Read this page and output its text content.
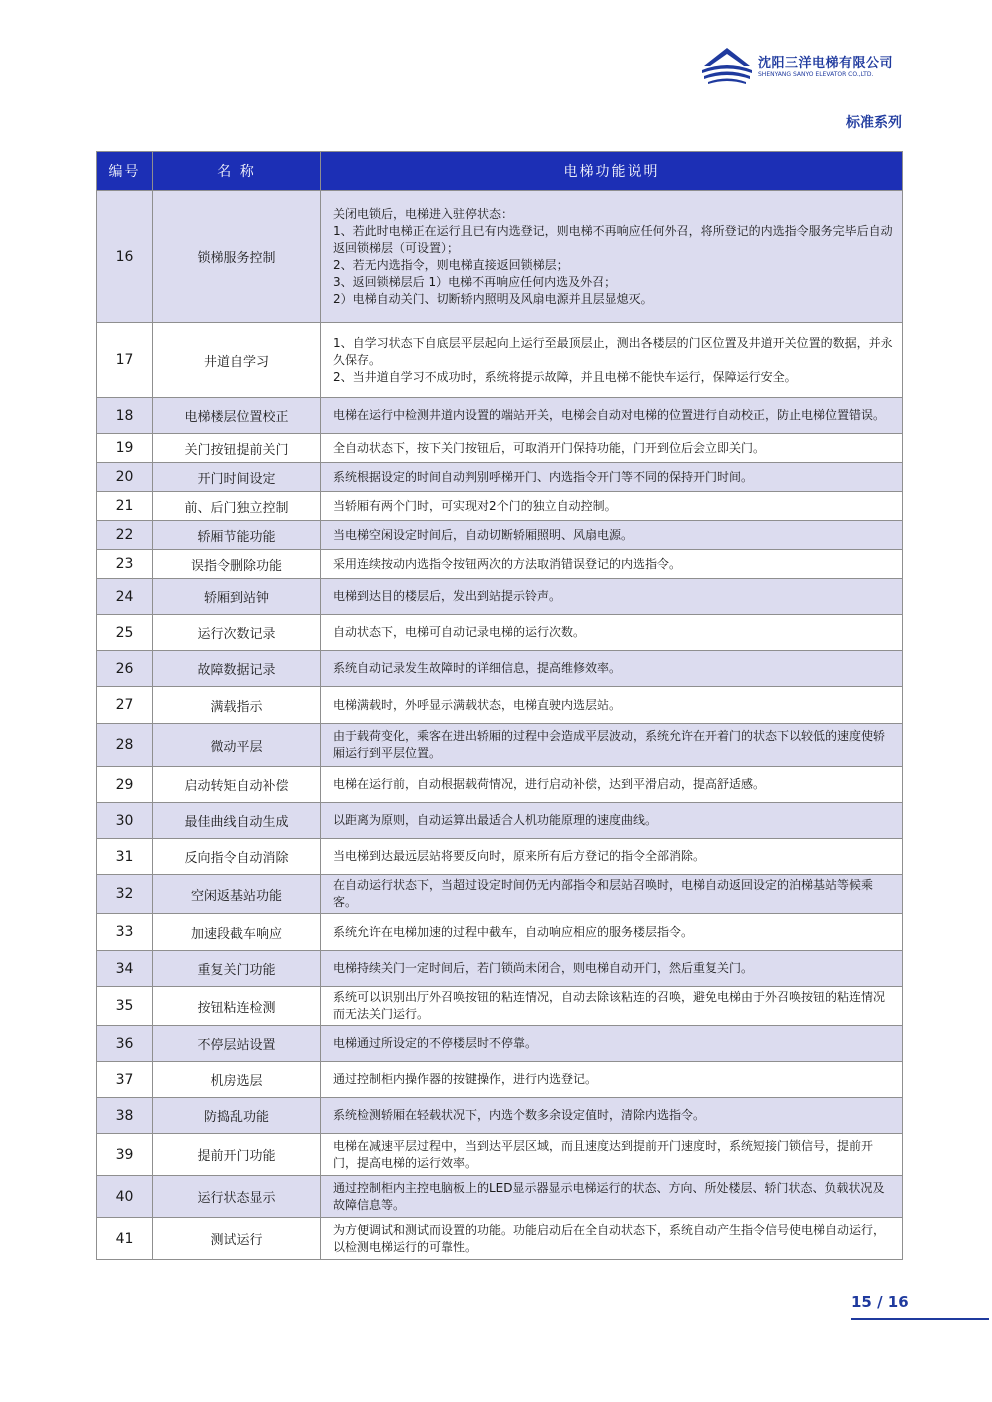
沈阳三洋电梯有限公司
SHENYANG SANYO ELEVATOR CO.,LTD.
标准系列
编号	名 称	电梯功能说明
16	锁梯服务控制	关闭电锁后，电梯进入驻停状态：
1、若此时电梯正在运行且已有内选登记，则电梯不再响应任何外召，将所登记的内选指令服务完毕后自动返回锁梯层（可设置）；
2、若无内选指令，则电梯直接返回锁梯层；
3、返回锁梯层后 1）电梯不再响应任何内选及外召；
2）电梯自动关门、切断轿内照明及风扇电源并且层显熄灭。
17	井道自学习	1、自学习状态下自底层平层起向上运行至最顶层止，测出各楼层的门区位置及井道开关位置的数据，并永久保存。
2、当井道自学习不成功时，系统将提示故障，并且电梯不能快车运行，保障运行安全。
18	电梯楼层位置校正	电梯在运行中检测井道内设置的端站开关，电梯会自动对电梯的位置进行自动校正，防止电梯位置错误。
19	关门按钮提前关门	全自动状态下，按下关门按钮后，可取消开门保持功能，门开到位后会立即关门。
20	开门时间设定	系统根据设定的时间自动判别呼梯开门、内选指令开门等不同的保持开门时间。
21	前、后门独立控制	当轿厢有两个门时，可实现对2个门的独立自动控制。
22	轿厢节能功能	当电梯空闲设定时间后，自动切断轿厢照明、风扇电源。
23	误指令删除功能	采用连续按动内选指令按钮两次的方法取消错误登记的内选指令。
24	轿厢到站钟	电梯到达目的楼层后，发出到站提示铃声。
25	运行次数记录	自动状态下，电梯可自动记录电梯的运行次数。
26	故障数据记录	系统自动记录发生故障时的详细信息，提高维修效率。
27	满载指示	电梯满载时，外呼显示满载状态，电梯直驶内选层站。
28	微动平层	由于载荷变化，乘客在进出轿厢的过程中会造成平层波动，系统允许在开着门的状态下以较低的速度使轿厢运行到平层位置。
29	启动转矩自动补偿	电梯在运行前，自动根据载荷情况，进行启动补偿，达到平滑启动，提高舒适感。
30	最佳曲线自动生成	以距离为原则，自动运算出最适合人机功能原理的速度曲线。
31	反向指令自动消除	当电梯到达最远层站将要反向时，原来所有后方登记的指令全部消除。
32	空闲返基站功能	在自动运行状态下，当超过设定时间仍无内部指令和层站召唤时，电梯自动返回设定的泊梯基站等候乘客。
33	加速段截车响应	系统允许在电梯加速的过程中截车，自动响应相应的服务楼层指令。
34	重复关门功能	电梯持续关门一定时间后，若门锁尚未闭合，则电梯自动开门，然后重复关门。
35	按钮粘连检测	系统可以识别出厅外召唤按钮的粘连情况，自动去除该粘连的召唤，避免电梯由于外召唤按钮的粘连情况而无法关门运行。
36	不停层站设置	电梯通过所设定的不停楼层时不停靠。
37	机房选层	通过控制柜内操作器的按键操作，进行内选登记。
38	防捣乱功能	系统检测轿厢在轻载状况下，内选个数多余设定值时，清除内选指令。
39	提前开门功能	电梯在减速平层过程中，当到达平层区域，而且速度达到提前开门速度时，系统短接门锁信号，提前开门，提高电梯的运行效率。
40	运行状态显示	通过控制柜内主控电脑板上的LED显示器显示电梯运行的状态、方向、所处楼层、轿门状态、负载状况及故障信息等。
41	测试运行	为方便调试和测试而设置的功能。功能启动后在全自动状态下，系统自动产生指令信号使电梯自动运行，以检测电梯运行的可靠性。
15 / 16
